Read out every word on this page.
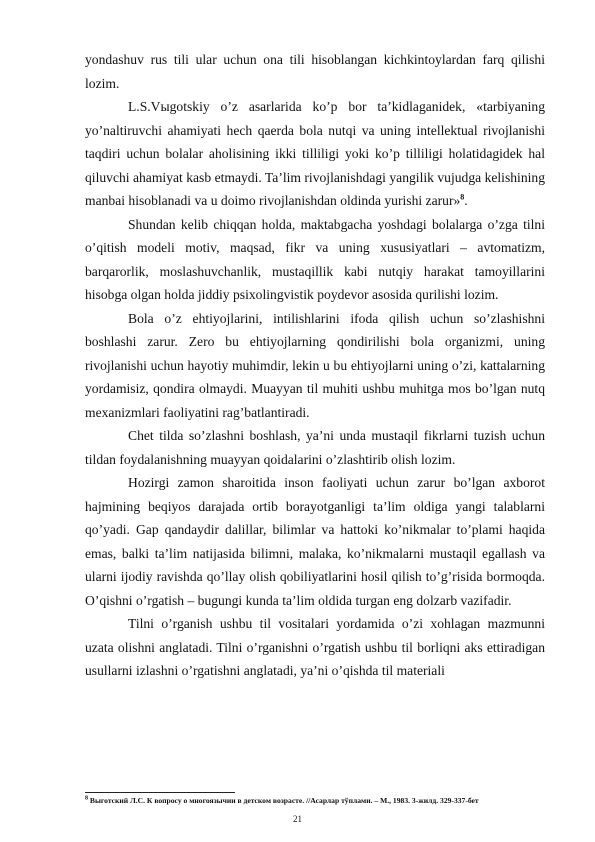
yondashuv rus tili ular uchun ona tili hisoblangan kichkintoylardan farq qilishi lozim.

L.S.Vыgotskiy o’z asarlarida ko’p bor ta’kidlaganidek, «tarbiyaning yo’naltiruvchi ahamiyati hech qaerda bola nutqi va uning intellektual rivojlanishi taqdiri uchun bolalar aholisining ikki tilliligi yoki ko’p tilliligi holatidagidek hal qiluvchi ahamiyat kasb etmaydi. Ta’lim rivojlanishdagi yangilik vujudga kelishining manbai hisoblanadi va u doimo rivojlanishdan oldinda yurishi zarur»$^8$.

Shundan kelib chiqqan holda, maktabgacha yoshdagi bolalarga o’zga tilni o’qitish modeli motiv, maqsad, fikr va uning xususiyatlari – avtomatizm, barqarorlik, moslashuvchanlik, mustaqillik kabi nutqiy harakat tamoyillarini hisobga olgan holda jiddiy psixolingvistik poydevor asosida qurilishi lozim.

Bola o’z ehtiyojlarini, intilishlarini ifoda qilish uchun so’zlashishni boshlashi zarur. Zero bu ehtiyojlarning qondirilishi bola organizmi, uning rivojlanishi uchun hayotiy muhimdir, lekin u bu ehtiyojlarni uning o’zi, kattalarning yordamisiz, qondira olmaydi. Muayyan til muhiti ushbu muhitga mos bo’lgan nutq mexanizmlari faoliyatini rag’batlantiradi.

Chet tilda so’zlashni boshlash, ya’ni unda mustaqil fikrlarni tuzish uchun tildan foydalanishning muayyan qoidalarini o’zlashtirib olish lozim.

Hozirgi zamon sharoitida inson faoliyati uchun zarur bo’lgan axborot hajmining beqiyos darajada ortib borayotganligi ta’lim oldiga yangi talablarni qo’yadi. Gap qandaydir dalillar, bilimlar va hattoki ko’nikmalar to’plami haqida emas, balki ta’lim natijasida bilimni, malaka, ko’nikmalarni mustaqil egallash va ularni ijodiy ravishda qo’llay olish qobiliyatlarini hosil qilish to’g’risida bormoqda. O’qishni o’rgatish – bugungi kunda ta’lim oldida turgan eng dolzarb vazifadir.

Tilni o’rganish ushbu til vositalari yordamida o’zi xohlagan mazmunni uzata olishni anglatadi. Tilni o’rganishni o’rgatish ushbu til borliqni aks ettiradigan usullarni izlashni o’rgatishni anglatadi, ya’ni o’qishda til materiali

$^8$ Выготский Л.С. К вопросу о многоязычии в детском возрасте. //Асарлар тўплами. – М., 1983. 3-жилд. 329-337-бет

21
